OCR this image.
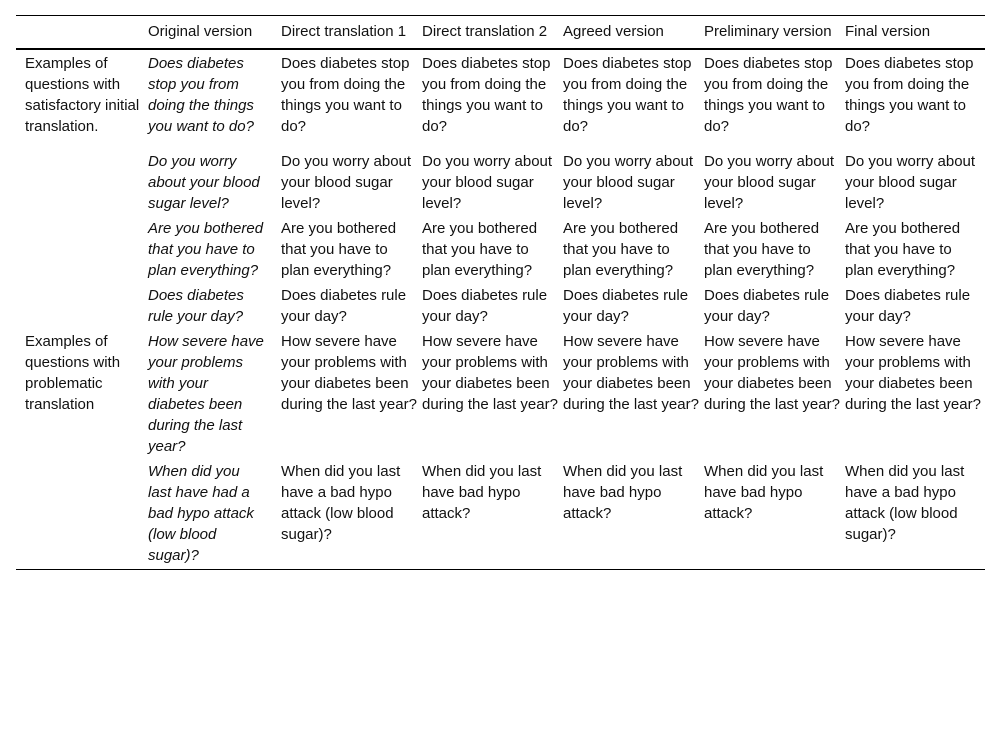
	Original version	Direct translation 1	Direct translation 2	Agreed version	Preliminary version	Final version
Examples of questions with satisfactory initial translation.	Does diabetes stop you from doing the things you want to do?	Does diabetes stop you from doing the things you want to do?	Does diabetes stop you from doing the things you want to do?	Does diabetes stop you from doing the things you want to do?	Does diabetes stop you from doing the things you want to do?	Does diabetes stop you from doing the things you want to do?
	Do you worry about your blood sugar level?	Do you worry about your blood sugar level?	Do you worry about your blood sugar level?	Do you worry about your blood sugar level?	Do you worry about your blood sugar level?	Do you worry about your blood sugar level?
	Are you bothered that you have to plan everything?	Are you bothered that you have to plan everything?	Are you bothered that you have to plan everything?	Are you bothered that you have to plan everything?	Are you bothered that you have to plan everything?	Are you bothered that you have to plan everything?
	Does diabetes rule your day?	Does diabetes rule your day?	Does diabetes rule your day?	Does diabetes rule your day?	Does diabetes rule your day?	Does diabetes rule your day?
Examples of questions with problematic translation	How severe have your problems with your diabetes been during the last year?	How severe have your problems with your diabetes been during the last year?	How severe have your problems with your diabetes been during the last year?	How severe have your problems with your diabetes been during the last year?	How severe have your problems with your diabetes been during the last year?	How severe have your problems with your diabetes been during the last year?
	When did you last have had a bad hypo attack (low blood sugar)?	When did you last have a bad hypo attack (low blood sugar)?	When did you last have bad hypo attack?	When did you last have bad hypo attack?	When did you last have bad hypo attack?	When did you last have a bad hypo attack (low blood sugar)?
